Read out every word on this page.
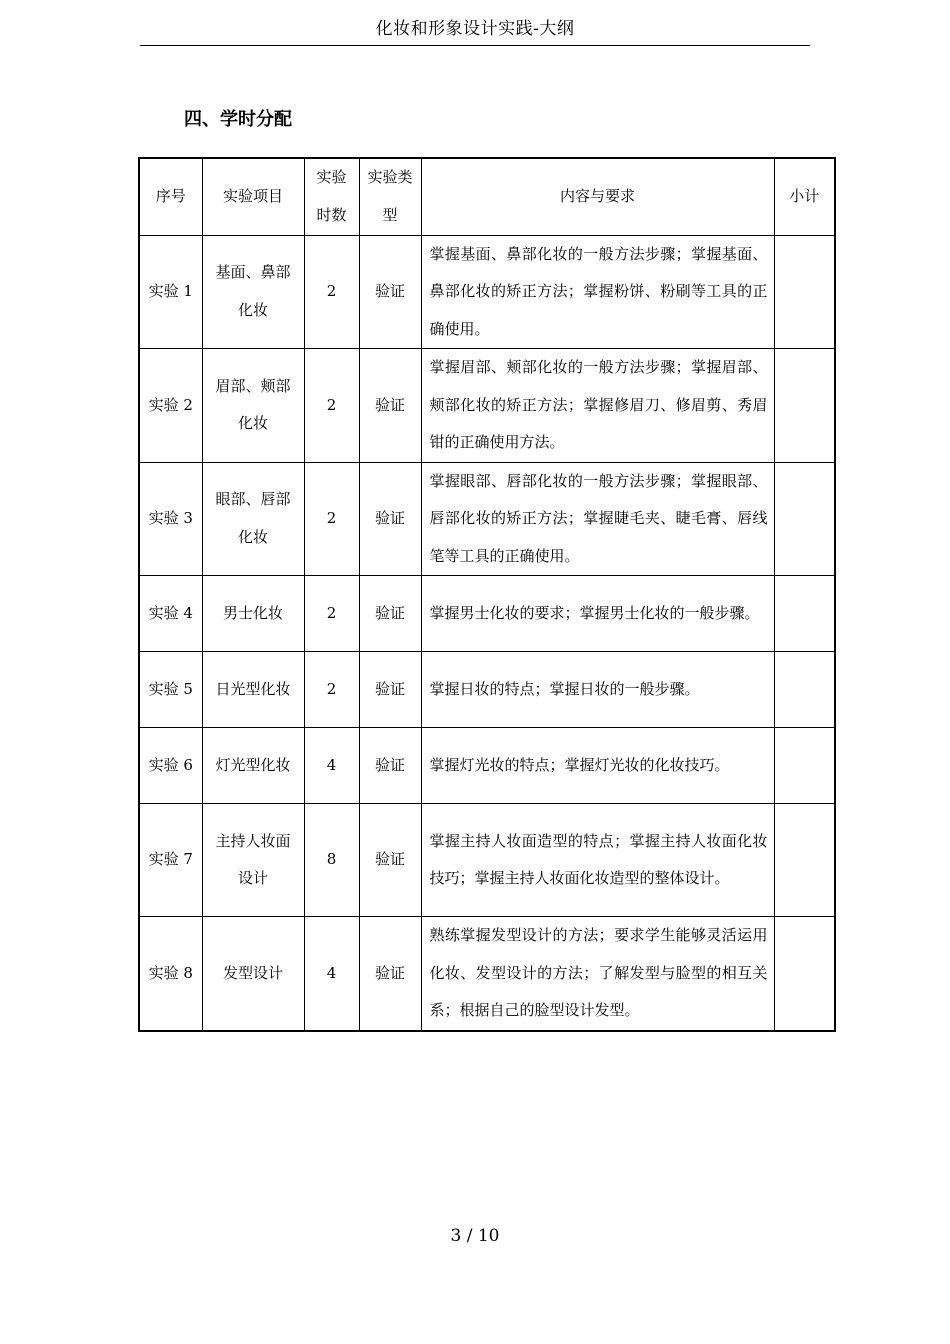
化妆和形象设计实践-大纲
四、学时分配
序号	实验项目	实验时数	实验类型	内容与要求	小计
实验 1	基面、鼻部化妆	2	验证	掌握基面、鼻部化妆的一般方法步骤；掌握基面、鼻部化妆的矫正方法；掌握粉饼、粉刷等工具的正确使用。	
实验 2	眉部、颊部化妆	2	验证	掌握眉部、颊部化妆的一般方法步骤；掌握眉部、颊部化妆的矫正方法；掌握修眉刀、修眉剪、秀眉钳的正确使用方法。	
实验 3	眼部、唇部化妆	2	验证	掌握眼部、唇部化妆的一般方法步骤；掌握眼部、唇部化妆的矫正方法；掌握睫毛夹、睫毛膏、唇线笔等工具的正确使用。	
实验 4	男士化妆	2	验证	掌握男士化妆的要求；掌握男士化妆的一般步骤。	
实验 5	日光型化妆	2	验证	掌握日妆的特点；掌握日妆的一般步骤。	
实验 6	灯光型化妆	4	验证	掌握灯光妆的特点；掌握灯光妆的化妆技巧。	
实验 7	主持人妆面设计	8	验证	掌握主持人妆面造型的特点；掌握主持人妆面化妆技巧；掌握主持人妆面化妆造型的整体设计。	
实验 8	发型设计	4	验证	熟练掌握发型设计的方法；要求学生能够灵活运用化妆、发型设计的方法；了解发型与脸型的相互关系；根据自己的脸型设计发型。	
3 / 10
